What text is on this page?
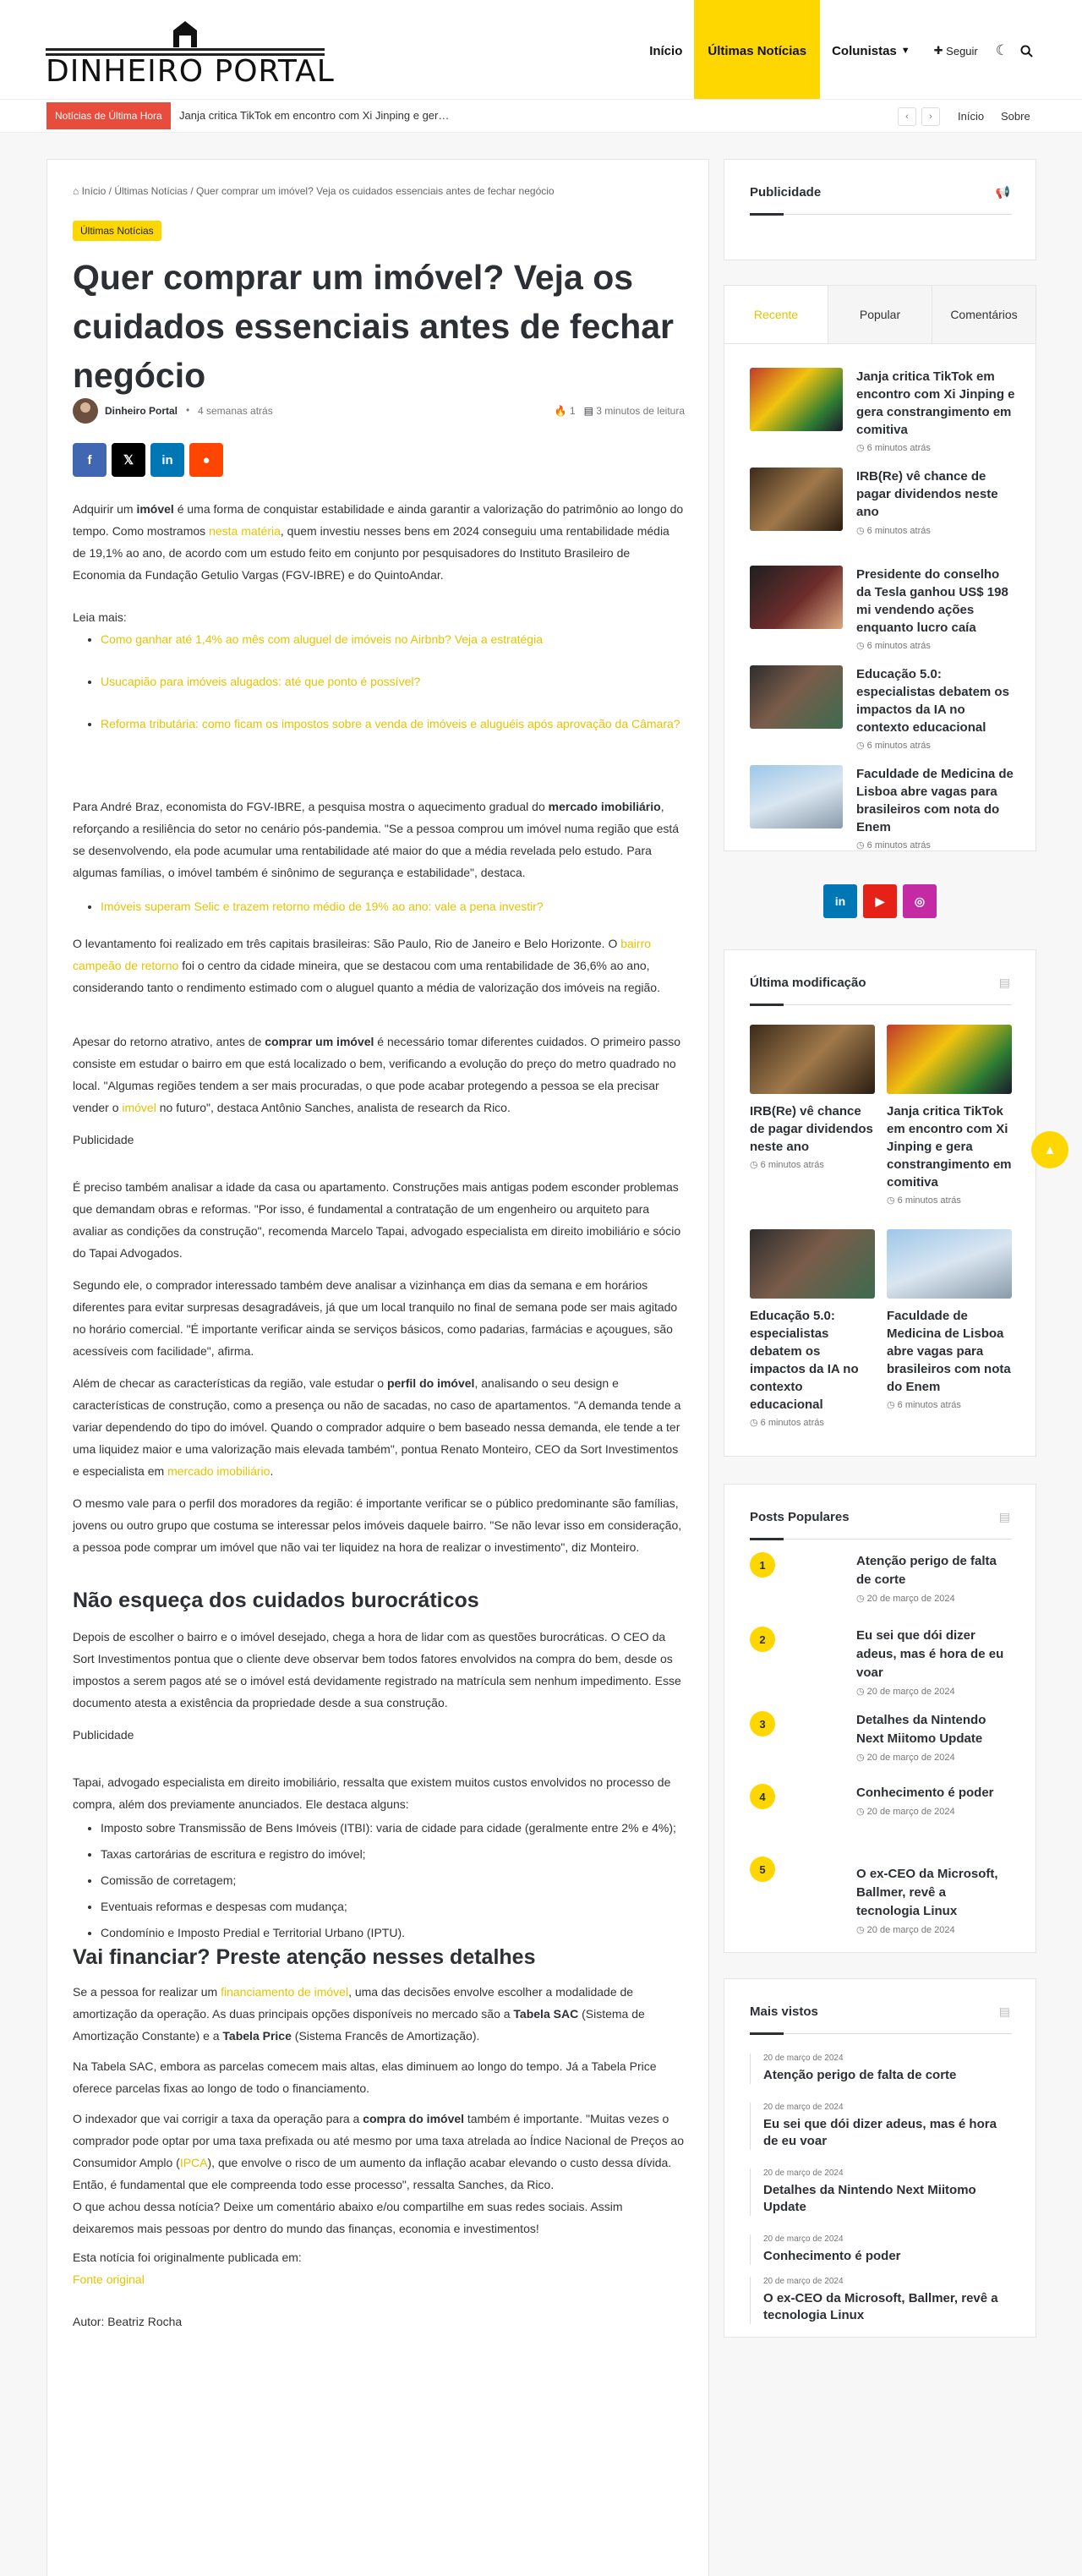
DINHEIRO PORTAL
Início	Últimas Notícias	Colunistas ▼ ✚ Seguir ☾
Notícias de Última Hora	Janja critica TikTok em encontro com Xi Jinping e ger…	‹	›	Início Sobre
⌂ Início / Últimas Notícias / Quer comprar um imóvel? Veja os cuidados essenciais antes de fechar negócio
Últimas Notícias
Quer comprar um imóvel? Veja os cuidados essenciais antes de fechar negócio
Dinheiro Portal • 4 semanas atrás	🔥 1 ▤ 3 minutos de leitura
f 𝕏 in ●

Adquirir um imóvel é uma forma de conquistar estabilidade e ainda garantir a valorização do patrimônio ao longo do tempo. Como mostramos nesta matéria, quem investiu nesses bens em 2024 conseguiu uma rentabilidade média de 19,1% ao ano, de acordo com um estudo feito em conjunto por pesquisadores do Instituto Brasileiro de Economia da Fundação Getulio Vargas (FGV-IBRE) e do QuintoAndar.

Leia mais:

• Como ganhar até 1,4% ao mês com aluguel de imóveis no Airbnb? Veja a estratégia
• Usucapião para imóveis alugados: até que ponto é possível?
• Reforma tributária: como ficam os impostos sobre a venda de imóveis e aluguéis após aprovação da Câmara?

Para André Braz, economista do FGV-IBRE, a pesquisa mostra o aquecimento gradual do mercado imobiliário, reforçando a resiliência do setor no cenário pós-pandemia. "Se a pessoa comprou um imóvel numa região que está se desenvolvendo, ela pode acumular uma rentabilidade até maior do que a média revelada pelo estudo. Para algumas famílias, o imóvel também é sinônimo de segurança e estabilidade", destaca.

• Imóveis superam Selic e trazem retorno médio de 19% ao ano: vale a pena investir?

O levantamento foi realizado em três capitais brasileiras: São Paulo, Rio de Janeiro e Belo Horizonte. O bairro campeão de retorno foi o centro da cidade mineira, que se destacou com uma rentabilidade de 36,6% ao ano, considerando tanto o rendimento estimado com o aluguel quanto a média de valorização dos imóveis na região.

Apesar do retorno atrativo, antes de comprar um imóvel é necessário tomar diferentes cuidados. O primeiro passo consiste em estudar o bairro em que está localizado o bem, verificando a evolução do preço do metro quadrado no local. "Algumas regiões tendem a ser mais procuradas, o que pode acabar protegendo a pessoa se ela precisar vender o imóvel no futuro", destaca Antônio Sanches, analista de research da Rico.

Publicidade

É preciso também analisar a idade da casa ou apartamento. Construções mais antigas podem esconder problemas que demandam obras e reformas. "Por isso, é fundamental a contratação de um engenheiro ou arquiteto para avaliar as condições da construção", recomenda Marcelo Tapai, advogado especialista em direito imobiliário e sócio do Tapai Advogados.

Segundo ele, o comprador interessado também deve analisar a vizinhança em dias da semana e em horários diferentes para evitar surpresas desagradáveis, já que um local tranquilo no final de semana pode ser mais agitado no horário comercial. "É importante verificar ainda se serviços básicos, como padarias, farmácias e açougues, são acessíveis com facilidade", afirma.

Além de checar as características da região, vale estudar o perfil do imóvel, analisando o seu design e características de construção, como a presença ou não de sacadas, no caso de apartamentos. "A demanda tende a variar dependendo do tipo do imóvel. Quando o comprador adquire o bem baseado nessa demanda, ele tende a ter uma liquidez maior e uma valorização mais elevada também", pontua Renato Monteiro, CEO da Sort Investimentos e especialista em mercado imobiliário.

O mesmo vale para o perfil dos moradores da região: é importante verificar se o público predominante são famílias, jovens ou outro grupo que costuma se interessar pelos imóveis daquele bairro. "Se não levar isso em consideração, a pessoa pode comprar um imóvel que não vai ter liquidez na hora de realizar o investimento", diz Monteiro.

Não esqueça dos cuidados burocráticos

Depois de escolher o bairro e o imóvel desejado, chega a hora de lidar com as questões burocráticas. O CEO da Sort Investimentos pontua que o cliente deve observar bem todos fatores envolvidos na compra do bem, desde os impostos a serem pagos até se o imóvel está devidamente registrado na matrícula sem nenhum impedimento. Esse documento atesta a existência da propriedade desde a sua construção.

Publicidade

Tapai, advogado especialista em direito imobiliário, ressalta que existem muitos custos envolvidos no processo de compra, além dos previamente anunciados. Ele destaca alguns:

• Imposto sobre Transmissão de Bens Imóveis (ITBI): varia de cidade para cidade (geralmente entre 2% e 4%);
• Taxas cartorárias de escritura e registro do imóvel;
• Comissão de corretagem;
• Eventuais reformas e despesas com mudança;
• Condomínio e Imposto Predial e Territorial Urbano (IPTU).
Vai financiar? Preste atenção nesses detalhes

Se a pessoa for realizar um financiamento de imóvel, uma das decisões envolve escolher a modalidade de amortização da operação. As duas principais opções disponíveis no mercado são a Tabela SAC (Sistema de Amortização Constante) e a Tabela Price (Sistema Francês de Amortização).

Na Tabela SAC, embora as parcelas comecem mais altas, elas diminuem ao longo do tempo. Já a Tabela Price oferece parcelas fixas ao longo de todo o financiamento.

O indexador que vai corrigir a taxa da operação para a compra do imóvel também é importante. "Muitas vezes o comprador pode optar por uma taxa prefixada ou até mesmo por uma taxa atrelada ao Índice Nacional de Preços ao Consumidor Amplo (IPCA), que envolve o risco de um aumento da inflação acabar elevando o custo dessa dívida. Então, é fundamental que ele compreenda todo esse processo", ressalta Sanches, da Rico.
O que achou dessa notícia? Deixe um comentário abaixo e/ou compartilhe em suas redes sociais. Assim deixaremos mais pessoas por dentro do mundo das finanças, economia e investimentos!

Esta notícia foi originalmente publicada em:

Fonte original

Autor: Beatriz Rocha

Publicidade	📢
Recente	Popular	Comentários
Janja critica TikTok em encontro com Xi Jinping e gera constrangimento em comitiva
◷ 6 minutos atrás
IRB(Re) vê chance de pagar dividendos neste ano
◷ 6 minutos atrás
Presidente do conselho da Tesla ganhou US$ 198 mi vendendo ações enquanto lucro caía
◷ 6 minutos atrás
Educação 5.0: especialistas debatem os impactos da IA no contexto educacional
◷ 6 minutos atrás
Faculdade de Medicina de Lisboa abre vagas para brasileiros com nota do Enem
◷ 6 minutos atrás
in	▶	◎
Última modificação	▤
IRB(Re) vê chance de pagar dividendos neste ano
◷ 6 minutos atrás
Janja critica TikTok em encontro com Xi Jinping e gera constrangimento em comitiva
◷ 6 minutos atrás
Educação 5.0: especialistas debatem os impactos da IA no contexto educacional
◷ 6 minutos atrás
Faculdade de Medicina de Lisboa abre vagas para brasileiros com nota do Enem
◷ 6 minutos atrás
▲
Posts Populares	▤
1	Atenção perigo de falta de corte
◷ 20 de março de 2024
2	Eu sei que dói dizer adeus, mas é hora de eu voar
◷ 20 de março de 2024
3	Detalhes da Nintendo Next Miitomo Update
◷ 20 de março de 2024
4	Conhecimento é poder
◷ 20 de março de 2024
5	O ex-CEO da Microsoft, Ballmer, revê a tecnologia Linux
◷ 20 de março de 2024
Mais vistos	▤
20 de março de 2024
Atenção perigo de falta de corte
20 de março de 2024
Eu sei que dói dizer adeus, mas é hora de eu voar
20 de março de 2024
Detalhes da Nintendo Next Miitomo Update
20 de março de 2024
Conhecimento é poder
20 de março de 2024
O ex-CEO da Microsoft, Ballmer, revê a tecnologia Linux
